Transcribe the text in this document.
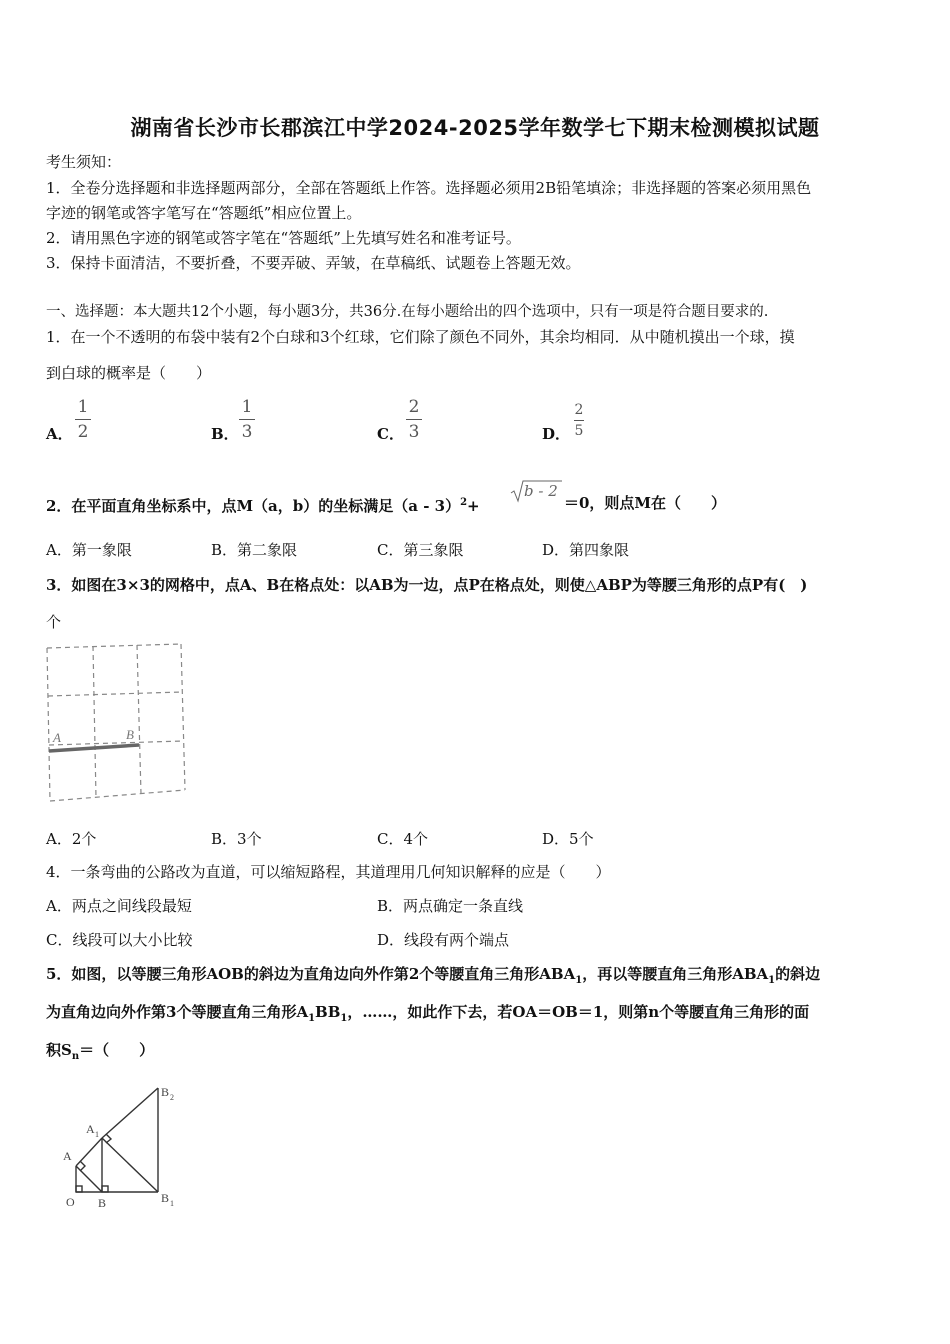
湖南省长沙市长郡滨江中学2024-2025学年数学七下期末检测模拟试题
考生须知：
1．全卷分选择题和非选择题两部分，全部在答题纸上作答。选择题必须用2B铅笔填涂；非选择题的答案必须用黑色
字迹的钢笔或答字笔写在“答题纸”相应位置上。
2．请用黑色字迹的钢笔或答字笔在“答题纸”上先填写姓名和准考证号。
3．保持卡面清洁，不要折叠，不要弄破、弄皱，在草稿纸、试题卷上答题无效。
一、选择题：本大题共12个小题，每小题3分，共36分.在每小题给出的四个选项中，只有一项是符合题目要求的.
1．在一个不透明的布袋中装有2个白球和3个红球，它们除了颜色不同外，其余均相同．从中随机摸出一个球，摸
到白球的概率是（　　）
A．
1
2	B．
1
3	C．
2
3	D．
2
5
2．在平面直角坐标系中，点M（a，b）的坐标满足（a - 3）$^2$+
b - 2
＝0，则点M在（　　）
A．第一象限	B．第二象限	C．第三象限	D．第四象限
3．如图在3×3的网格中，点A、B在格点处：以AB为一边，点P在格点处，则使△ABP为等腰三角形的点P有(　)
个
A	B
A．2个	B．3个	C．4个	D．5个
4．一条弯曲的公路改为直道，可以缩短路程，其道理用几何知识解释的应是（　　）
A．两点之间线段最短	B．两点确定一条直线
C．线段可以大小比较	D．线段有两个端点
5．如图，以等腰三角形AOB的斜边为直角边向外作第2个等腰直角三角形$ABA_1$，再以等腰直角三角形$ABA_1$的斜边
为直角边向外作第3个等腰直角三角形$A_1BB_1$，……，如此作下去，若OA＝OB＝1，则第n个等腰直角三角形的面
积$S_n=$（　　）
O B
A
A 1
B 1
B 2
